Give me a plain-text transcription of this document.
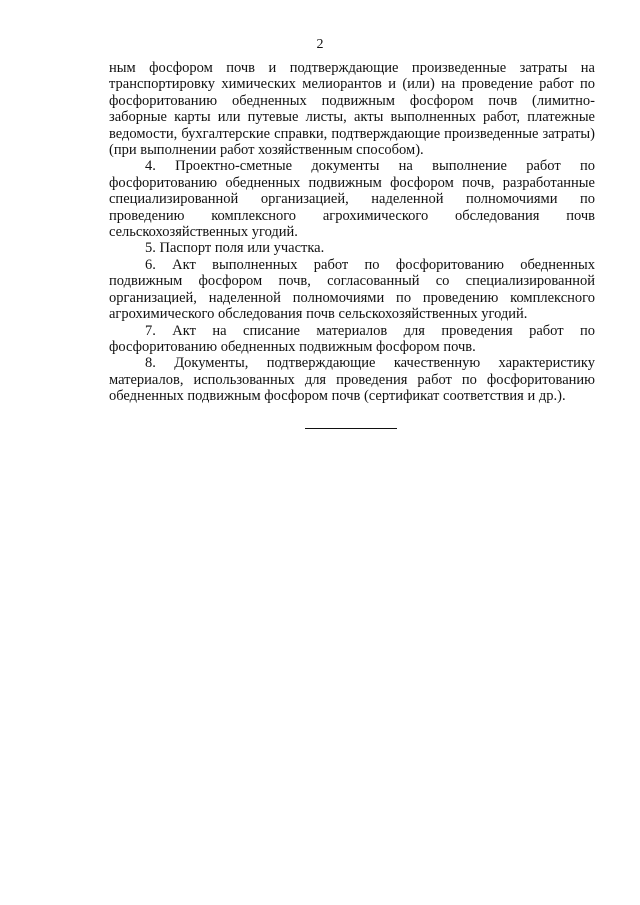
2

ным фосфором почв и подтверждающие произведенные затраты на транспортировку химических мелиорантов и (или) на проведение работ по фосфоритованию обедненных подвижным фосфором почв (лимитно-заборные карты или путевые листы, акты выполненных работ, платежные ведомости, бухгалтерские справки, подтверждающие произведенные затраты) (при выполнении работ хозяйственным способом).

4. Проектно-сметные документы на выполнение работ по фосфоритованию обедненных подвижным фосфором почв, разработанные специализированной организацией, наделенной полномочиями по проведению комплексного агрохимического обследования почв сельскохозяйственных угодий.

5. Паспорт поля или участка.

6. Акт выполненных работ по фосфоритованию обедненных подвижным фосфором почв, согласованный со специализированной организацией, наделенной полномочиями по проведению комплексного агрохимического обследования почв сельскохозяйственных угодий.

7. Акт на списание материалов для проведения работ по фосфоритованию обедненных подвижным фосфором почв.

8. Документы, подтверждающие качественную характеристику материалов, использованных для проведения работ по фосфоритованию обедненных подвижным фосфором почв (сертификат соответствия и др.).
